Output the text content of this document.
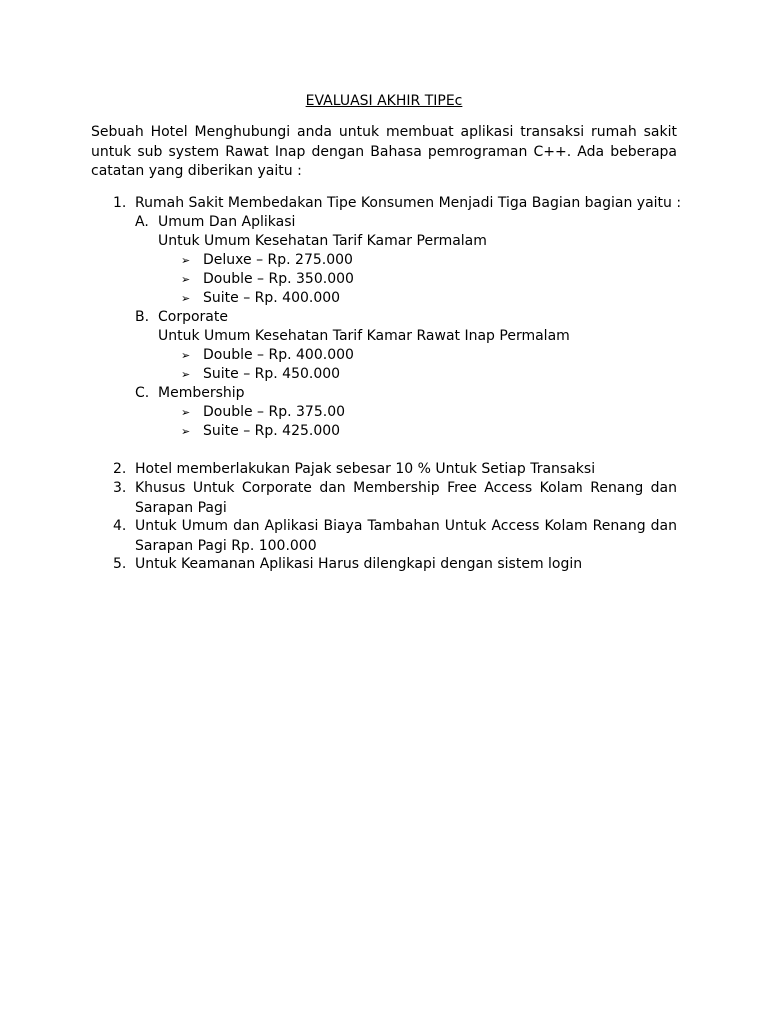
EVALUASI AKHIR TIPEc

Sebuah Hotel Menghubungi anda untuk membuat aplikasi transaksi rumah sakit untuk sub system Rawat Inap dengan Bahasa pemrograman C++. Ada beberapa catatan yang diberikan yaitu :

1. Rumah Sakit Membedakan Tipe Konsumen Menjadi Tiga Bagian bagian yaitu :
A. Umum Dan Aplikasi
Untuk Umum Kesehatan Tarif Kamar Permalam
➢ Deluxe – Rp. 275.000
➢ Double – Rp. 350.000
➢ Suite – Rp. 400.000
B. Corporate
Untuk Umum Kesehatan Tarif Kamar Rawat Inap Permalam
➢ Double – Rp. 400.000
➢ Suite – Rp. 450.000
C. Membership
➢ Double – Rp. 375.00
➢ Suite – Rp. 425.000
2. Hotel memberlakukan Pajak sebesar 10 % Untuk Setiap Transaksi
3. Khusus Untuk Corporate dan Membership Free Access Kolam Renang dan Sarapan Pagi

4. Untuk Umum dan Aplikasi Biaya Tambahan Untuk Access Kolam Renang dan Sarapan Pagi Rp. 100.000

5. Untuk Keamanan Aplikasi Harus dilengkapi dengan sistem login
